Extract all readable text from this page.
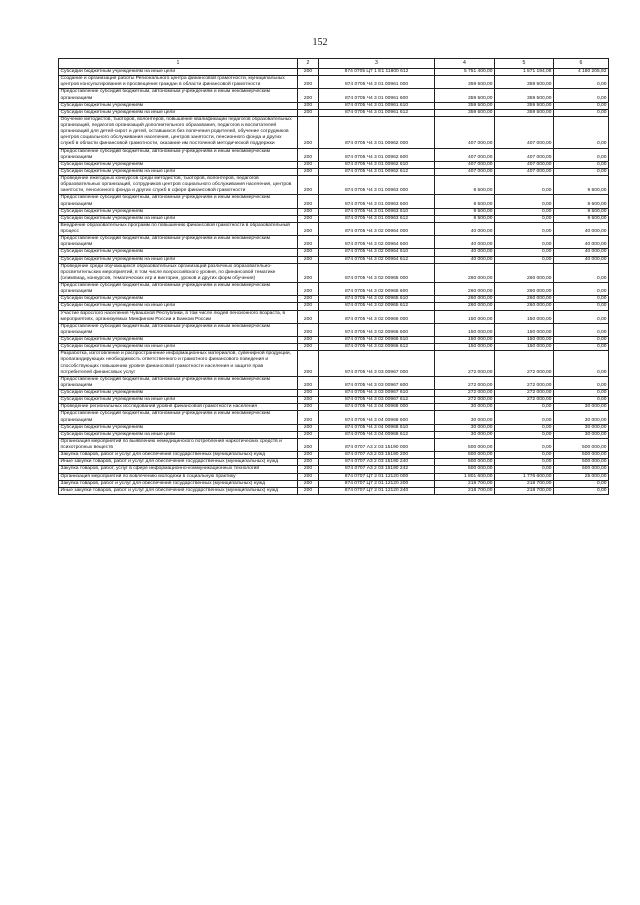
152
1	2	3	4	5	6
Субсидии бюджетным учреждениям на иные цели	200	874 0705 Ц7 1 Е1 11800 612	5 751 400,00	1 571 194,08	4 180 205,92
Создание и организация работы Регионального центра финансовой грамотности, муниципальных центров консультирования и просвещения граждан в области финансовой грамотности	200	874 0705 Ч4 3 01 00961 000	359 500,00	359 500,00	0,00
Предоставление субсидий бюджетным, автономным учреждениям и иным некоммерческим организациям	200	874 0705 Ч4 3 01 00961 600	359 500,00	359 500,00	0,00
Субсидии бюджетным учреждениям	200	874 0705 Ч4 3 01 00961 610	359 500,00	359 500,00	0,00
Субсидии бюджетным учреждениям на иные цели	200	874 0705 Ч4 3 01 00961 612	359 500,00	359 500,00	0,00
Обучение методистов, тьюторов, волонтеров, повышение квалификации педагогов образовательных организаций, педагогов организаций дополнительного образования, педагогов и воспитателей организаций для детей-сирот и детей, оставшихся без попечения родителей, обучение сотрудников центров социального обслуживания населения, центров занятости, пенсионного фонда и других служб в области финансовой грамотности, оказание им постоянной методической поддержки	200	874 0705 Ч4 3 01 00962 000	407 000,00	407 000,00	0,00
Предоставление субсидий бюджетным, автономным учреждениям и иным некоммерческим организациям	200	874 0705 Ч4 3 01 00962 600	407 000,00	407 000,00	0,00
Субсидии бюджетным учреждениям	200	874 0705 Ч4 3 01 00962 610	407 000,00	407 000,00	0,00
Субсидии бюджетным учреждениям на иные цели	200	874 0705 Ч4 3 01 00962 612	407 000,00	407 000,00	0,00
Проведение ежегодных конкурсов среди методистов, тьюторов, волонтеров, педагогов образовательных организаций, сотрудников центров социального обслуживания населения, центров занятости, пенсионного фонда и других служб в сфере финансовой грамотности	200	874 0705 Ч4 3 01 00963 000	9 500,00	0,00	9 500,00
Предоставление субсидий бюджетным, автономным учреждениям и иным некоммерческим организациям	200	874 0705 Ч4 3 01 00963 600	9 500,00	0,00	9 500,00
Субсидии бюджетным учреждениям	200	874 0705 Ч4 3 01 00963 610	9 500,00	0,00	9 500,00
Субсидии бюджетным учреждениям на иные цели	200	874 0705 Ч4 3 01 00963 612	9 500,00	0,00	9 500,00
Внедрение образовательных программ по повышению финансовой грамотности в образовательный процесс	200	874 0705 Ч4 3 02 00964 000	40 000,00	0,00	40 000,00
Предоставление субсидий бюджетным, автономным учреждениям и иным некоммерческим организациям	200	874 0705 Ч4 3 02 00964 600	40 000,00	0,00	40 000,00
Субсидии бюджетным учреждениям	200	874 0705 Ч4 3 02 00964 610	40 000,00	0,00	40 000,00
Субсидии бюджетным учреждениям на иные цели	200	874 0705 Ч4 3 02 00964 612	40 000,00	0,00	40 000,00
Проведение среди обучающихся образовательных организаций различных образовательно-просветительских мероприятий, в том числе всероссийского уровня, по финансовой тематике (олимпиад, конкурсов, тематических игр и викторин, уроков и других форм обучения)	200	874 0705 Ч4 3 02 00965 000	260 000,00	260 000,00	0,00
Предоставление субсидий бюджетным, автономным учреждениям и иным некоммерческим организациям	200	874 0705 Ч4 3 02 00965 600	260 000,00	260 000,00	0,00
Субсидии бюджетным учреждениям	200	874 0705 Ч4 3 02 00965 610	260 000,00	260 000,00	0,00
Субсидии бюджетным учреждениям на иные цели	200	874 0705 Ч4 3 02 00965 612	260 000,00	260 000,00	0,00
Участие взрослого населения Чувашской Республики, в том числе людей пенсионного возраста, в мероприятиях, организуемых Минфином России и Банком России	200	874 0705 Ч4 3 02 00966 000	150 000,00	150 000,00	0,00
Предоставление субсидий бюджетным, автономным учреждениям и иным некоммерческим организациям	200	874 0705 Ч4 3 02 00966 600	150 000,00	150 000,00	0,00
Субсидии бюджетным учреждениям	200	874 0705 Ч4 3 02 00966 610	150 000,00	150 000,00	0,00
Субсидии бюджетным учреждениям на иные цели	200	874 0705 Ч4 3 02 00966 612	150 000,00	150 000,00	0,00
Разработка, изготовление и распространение информационных материалов, сувенирной продукции, пропагандирующих необходимость ответственного и грамотного финансового поведения и способствующих повышению уровня финансовой грамотности населения и защите прав потребителей финансовых услуг	200	874 0705 Ч4 3 03 00967 000	272 000,00	272 000,00	0,00
Предоставление субсидий бюджетным, автономным учреждениям и иным некоммерческим организациям	200	874 0705 Ч4 3 03 00967 600	272 000,00	272 000,00	0,00
Субсидии бюджетным учреждениям	200	874 0705 Ч4 3 03 00967 610	272 000,00	272 000,00	0,00
Субсидии бюджетным учреждениям на иные цели	200	874 0705 Ч4 3 03 00967 612	272 000,00	272 000,00	0,00
Проведение региональных исследований уровня финансовой грамотности населения	200	874 0705 Ч4 3 04 00968 000	30 000,00	0,00	30 000,00
Предоставление субсидий бюджетным, автономным учреждениям и иным некоммерческим организациям	200	874 0705 Ч4 3 04 00968 600	30 000,00	0,00	30 000,00
Субсидии бюджетным учреждениям	200	874 0705 Ч4 3 04 00968 610	30 000,00	0,00	30 000,00
Субсидии бюджетным учреждениям на иные цели	200	874 0705 Ч4 3 04 00968 612	30 000,00	0,00	30 000,00
Организация мероприятий по выявлению немедицинского потребления наркотических средств и психотропных веществ	200	874 0707 А3 2 03 15190 000	500 000,00	0,00	500 000,00
Закупка товаров, работ и услуг для обеспечения государственных (муниципальных) нужд	200	874 0707 А3 2 03 15190 200	500 000,00	0,00	500 000,00
Иные закупки товаров, работ и услуг для обеспечения государственных (муниципальных) нужд	200	874 0707 А3 2 03 15190 240	500 000,00	0,00	500 000,00
Закупка товаров, работ, услуг в сфере информационно-коммуникационных технологий	200	874 0707 А3 2 03 15190 242	500 000,00	0,00	500 000,00
Организация мероприятий по вовлечению молодежи в социальную практику	200	874 0707 Ц7 2 01 12120 000	1 801 600,00	1 776 600,00	25 000,00
Закупка товаров, работ и услуг для обеспечения государственных (муниципальных) нужд	200	874 0707 Ц7 2 01 12120 200	218 700,00	218 700,00	0,00
Иные закупки товаров, работ и услуг для обеспечения государственных (муниципальных) нужд	200	874 0707 Ц7 2 01 12120 240	218 700,00	218 700,00	0,00
